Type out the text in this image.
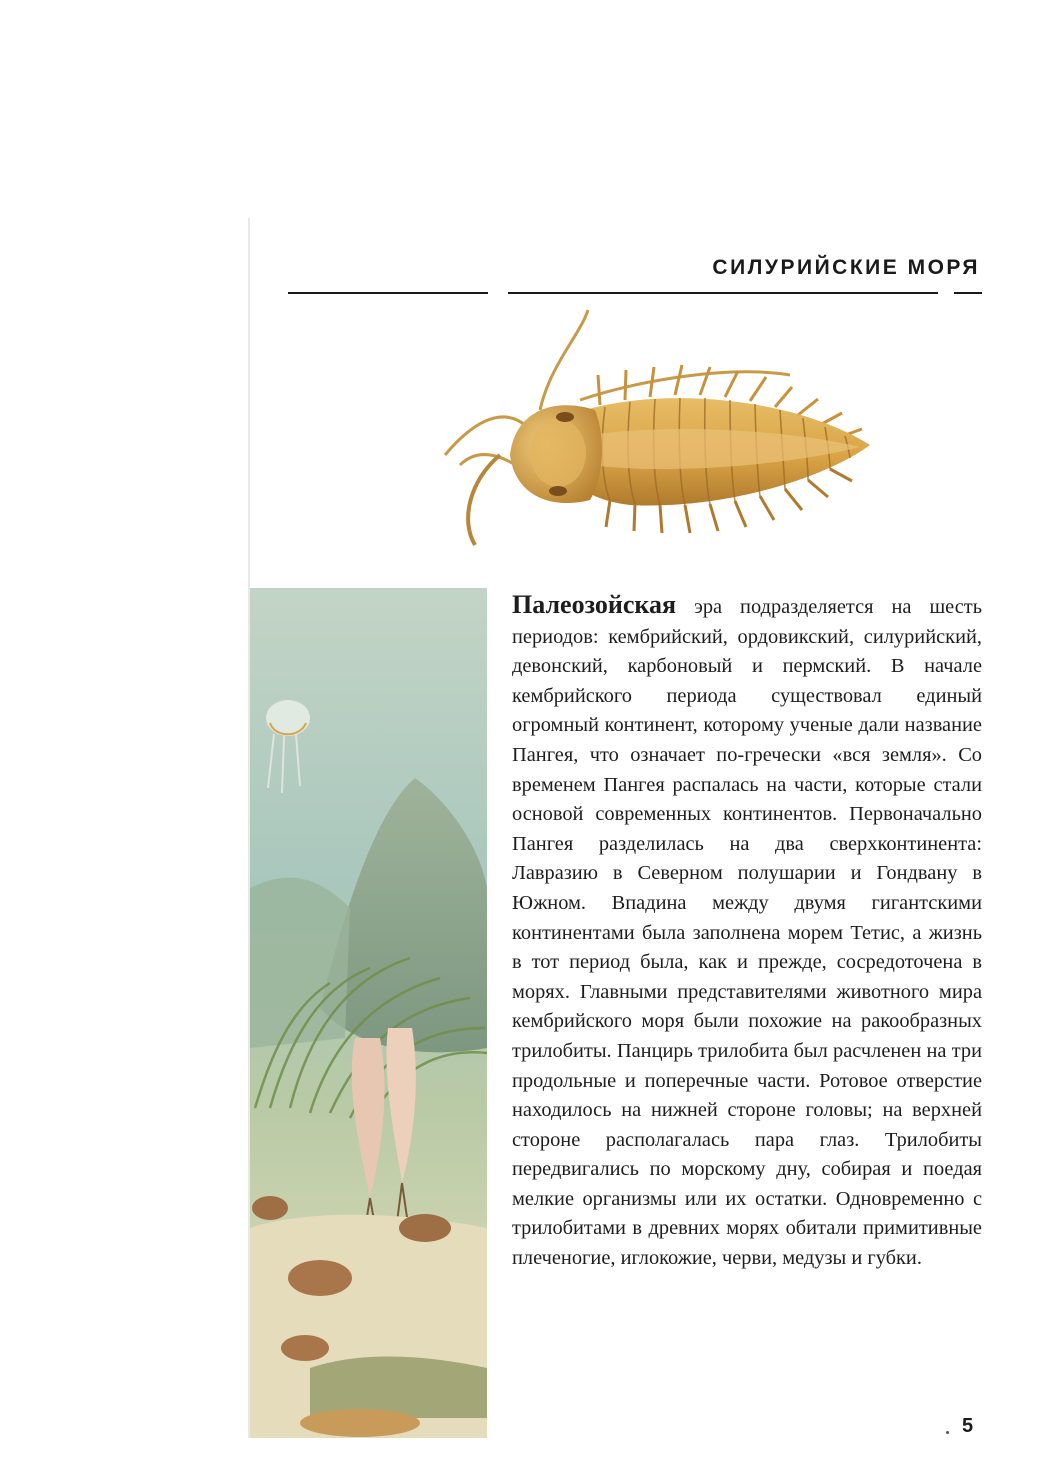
СИЛУРИЙСКИЕ МОРЯ

Палеозойская эра подразделяется на шесть периодов: кембрийский, ордовикский, силурийский, девонский, карбоновый и пермский. В начале кембрийского периода существовал единый огромный континент, которому ученые дали название Пангея, что означает по-гречески «вся земля». Со временем Пангея распалась на части, которые стали основой современных континентов. Первоначально Пангея разделилась на два сверхконтинента: Лавразию в Северном полушарии и Гондвану в Южном. Впадина между двумя гигантскими континентами была заполнена морем Тетис, а жизнь в тот период была, как и прежде, сосредоточена в морях. Главными представителями животного мира кембрийского моря были похожие на ракообразных трилобиты. Панцирь трилобита был расчленен на три продольные и поперечные части. Ротовое отверстие находилось на нижней стороне головы; на верхней стороне располагалась пара глаз. Трилобиты передвигались по морскому дну, собирая и поедая мелкие организмы или их остатки. Одновременно с трилобитами в древних морях обитали примитивные плеченогие, иглокожие, черви, медузы и губки.

5
